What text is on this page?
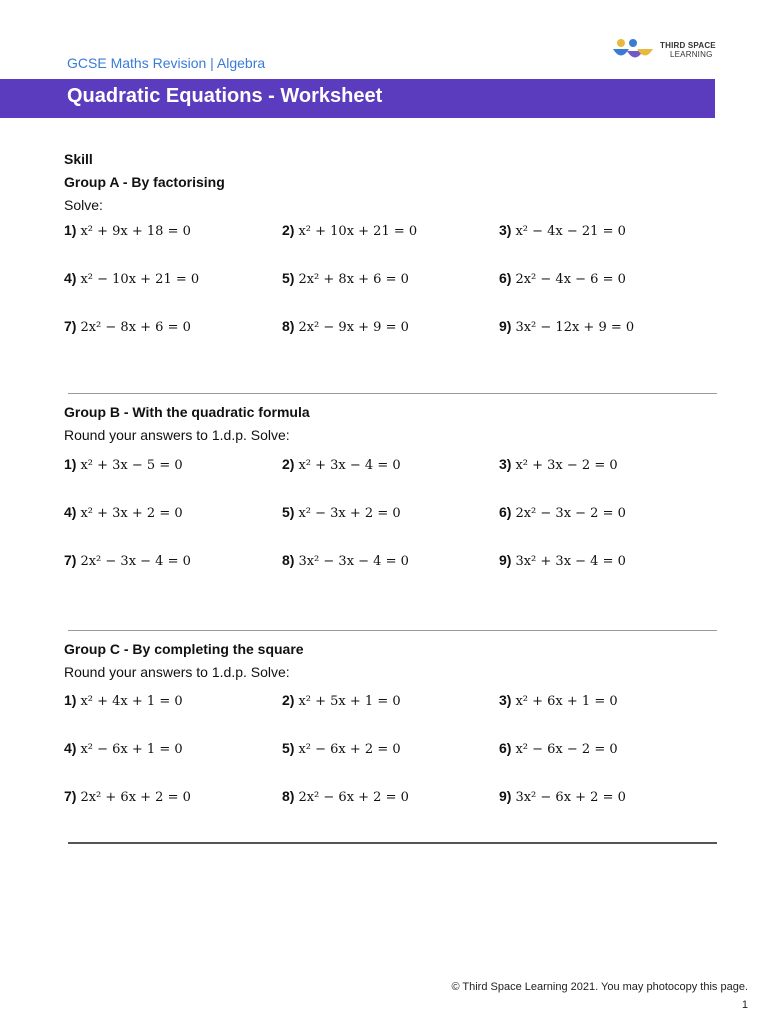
GCSE Maths Revision | Algebra
THIRD SPACE
LEARNING
Quadratic Equations - Worksheet
Skill
Group A - By factorising
Solve:
1) x² + 9x + 18 = 0	2) x² + 10x + 21 = 0	3) x² − 4x − 21 = 0
4) x² − 10x + 21 = 0	5) 2x² + 8x + 6 = 0	6) 2x² − 4x − 6 = 0
7) 2x² − 8x + 6 = 0	8) 2x² − 9x + 9 = 0	9) 3x² − 12x + 9 = 0
Group B - With the quadratic formula
Round your answers to 1.d.p. Solve:
1) x² + 3x − 5 = 0	2) x² + 3x − 4 = 0	3) x² + 3x − 2 = 0
4) x² + 3x + 2 = 0	5) x² − 3x + 2 = 0	6) 2x² − 3x − 2 = 0
7) 2x² − 3x − 4 = 0	8) 3x² − 3x − 4 = 0	9) 3x² + 3x − 4 = 0
Group C - By completing the square
Round your answers to 1.d.p. Solve:
1) x² + 4x + 1 = 0	2) x² + 5x + 1 = 0	3) x² + 6x + 1 = 0
4) x² − 6x + 1 = 0	5) x² − 6x + 2 = 0	6) x² − 6x − 2 = 0
7) 2x² + 6x + 2 = 0	8) 2x² − 6x + 2 = 0	9) 3x² − 6x + 2 = 0
© Third Space Learning 2021. You may photocopy this page.
1
